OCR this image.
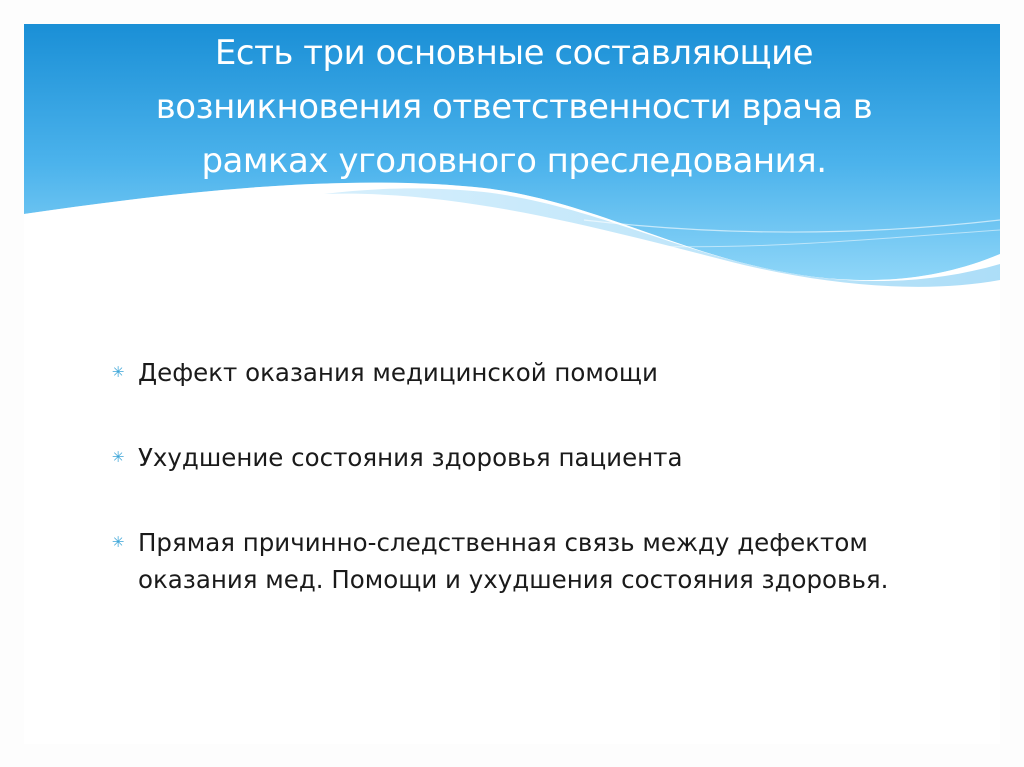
Есть три основные составляющие
возникновения ответственности врача в
рамках уголовного преследования.
✳ Дефект оказания медицинской помощи
✳ Ухудшение состояния здоровья пациента
✳ Прямая причинно-следственная связь между дефектом оказания мед. Помощи и ухудшения состояния здоровья.
